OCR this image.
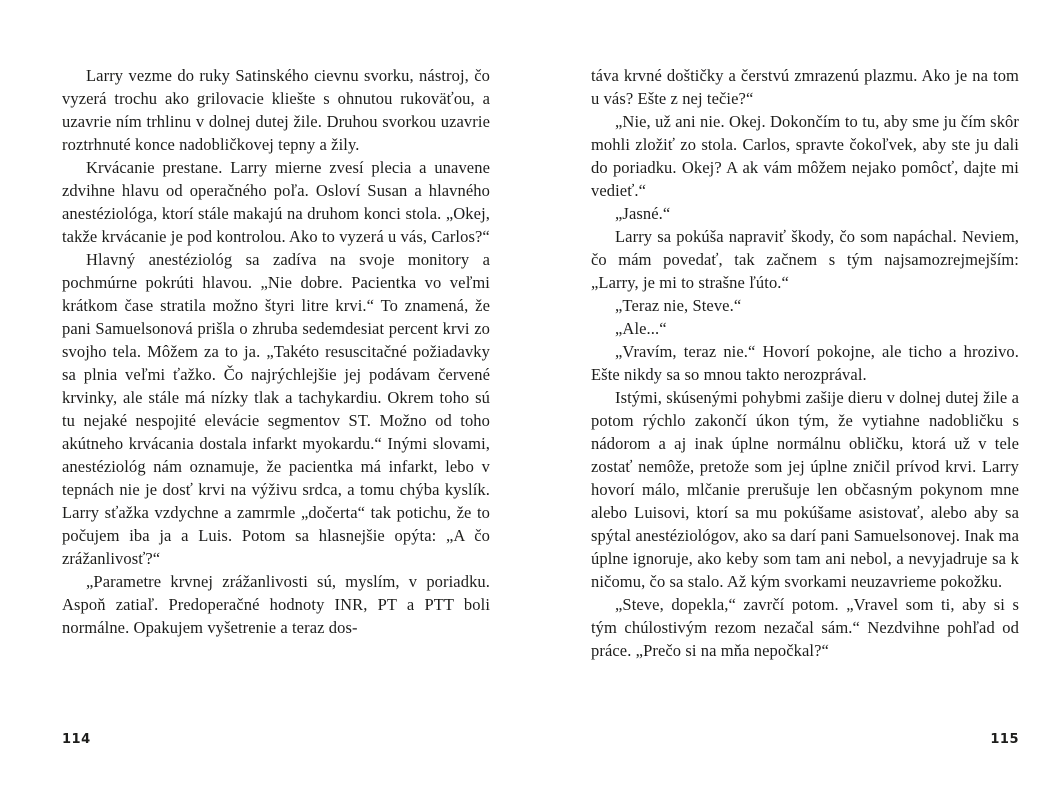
Larry vezme do ruky Satinského cievnu svorku, nástroj, čo vyzerá trochu ako grilovacie kliešte s ohnutou rukoväťou, a uzavrie ním trhlinu v dolnej dutej žile. Druhou svorkou uzavrie roztrhnuté konce nadobličkovej tepny a žily.

Krvácanie prestane. Larry mierne zvesí plecia a unavene zdvihne hlavu od operačného poľa. Osloví Susan a hlavného anestéziológa, ktorí stále makajú na druhom konci stola. „Okej, takže krvácanie je pod kontrolou. Ako to vyzerá u vás, Carlos?“

Hlavný anestéziológ sa zadíva na svoje monitory a pochmúrne pokrúti hlavou. „Nie dobre. Pacientka vo veľmi krátkom čase stratila možno štyri litre krvi.“ To znamená, že pani Samuelsonová prišla o zhruba sedemdesiat percent krvi zo svojho tela. Môžem za to ja. „Takéto resuscitačné požiadavky sa plnia veľmi ťažko. Čo najrýchlejšie jej podávam červené krvinky, ale stále má nízky tlak a tachykardiu. Okrem toho sú tu nejaké nespojité elevácie segmentov ST. Možno od toho akútneho krvácania dostala infarkt myokardu.“ Inými slovami, anestéziológ nám oznamuje, že pacientka má infarkt, lebo v tepnách nie je dosť krvi na výživu srdca, a tomu chýba kyslík. Larry sťažka vzdychne a zamrmle „dočerta“ tak potichu, že to počujem iba ja a Luis. Potom sa hlasnejšie opýta: „A čo zrážanlivosť?“

„Parametre krvnej zrážanlivosti sú, myslím, v poriadku. Aspoň zatiaľ. Predoperačné hodnoty INR, PT a PTT boli normálne. Opakujem vyšetrenie a teraz dos-

114

táva krvné doštičky a čerstvú zmrazenú plazmu. Ako je na tom u vás? Ešte z nej tečie?“

„Nie, už ani nie. Okej. Dokončím to tu, aby sme ju čím skôr mohli zložiť zo stola. Carlos, spravte čokoľvek, aby ste ju dali do poriadku. Okej? A ak vám môžem nejako pomôcť, dajte mi vedieť.“

„Jasné.“

Larry sa pokúša napraviť škody, čo som napáchal. Neviem, čo mám povedať, tak začnem s tým najsamozrejmejším: „Larry, je mi to strašne ľúto.“

„Teraz nie, Steve.“

„Ale...“

„Vravím, teraz nie.“ Hovorí pokojne, ale ticho a hrozivo. Ešte nikdy sa so mnou takto nerozprával.

Istými, skúsenými pohybmi zašije dieru v dolnej dutej žile a potom rýchlo zakončí úkon tým, že vytiahne nadobličku s nádorom a aj inak úplne normálnu obličku, ktorá už v tele zostať nemôže, pretože som jej úplne zničil prívod krvi. Larry hovorí málo, mlčanie prerušuje len občasným pokynom mne alebo Luisovi, ktorí sa mu pokúšame asistovať, alebo aby sa spýtal anestéziológov, ako sa darí pani Samuelsonovej. Inak ma úplne ignoruje, ako keby som tam ani nebol, a nevyjadruje sa k ničomu, čo sa stalo. Až kým svorkami neuzavrieme pokožku.

„Steve, dopekla,“ zavrčí potom. „Vravel som ti, aby si s tým chúlostivým rezom nezačal sám.“ Nezdvihne pohľad od práce. „Prečo si na mňa nepočkal?“

115
